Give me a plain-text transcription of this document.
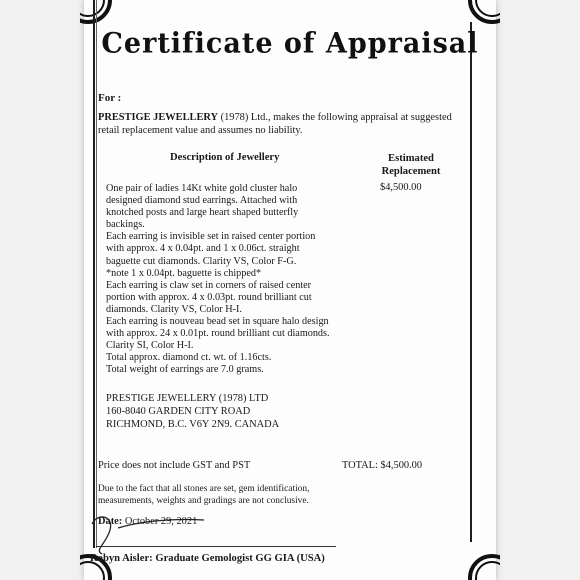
Certificate of Appraisal
For :
PRESTIGE JEWELLERY (1978) Ltd., makes the following appraisal at suggested retail replacement value and assumes no liability.
Description of Jewellery	Estimated
Replacement
$4,500.00
One pair of ladies 14Kt white gold cluster halo
designed diamond stud earrings. Attached with
knotched posts and large heart shaped butterfly
backings.
Each earring is invisible set in raised center portion
with approx. 4 x 0.04pt. and 1 x 0.06ct. straight
baguette cut diamonds. Clarity VS, Color F-G.
*note 1 x 0.04pt. baguette is chipped*
Each earring is claw set in corners of raised center
portion with approx. 4 x 0.03pt. round brilliant cut
diamonds. Clarity VS, Color H-I.
Each earring is nouveau bead set in square halo design
with approx. 24 x 0.01pt. round brilliant cut diamonds.
Clarity SI, Color H-I.
Total approx. diamond ct. wt. of 1.16cts.
Total weight of earrings are 7.0 grams.
PRESTIGE JEWELLERY (1978) LTD
160-8040 GARDEN CITY ROAD
RICHMOND, B.C. V6Y 2N9. CANADA
Price does not include GST and PST	TOTAL: $4,500.00
Due to the fact that all stones are set, gem identification, measurements, weights and gradings are not conclusive.
Date: October 29, 2021
Robyn Aisler: Graduate Gemologist GG GIA (USA)
